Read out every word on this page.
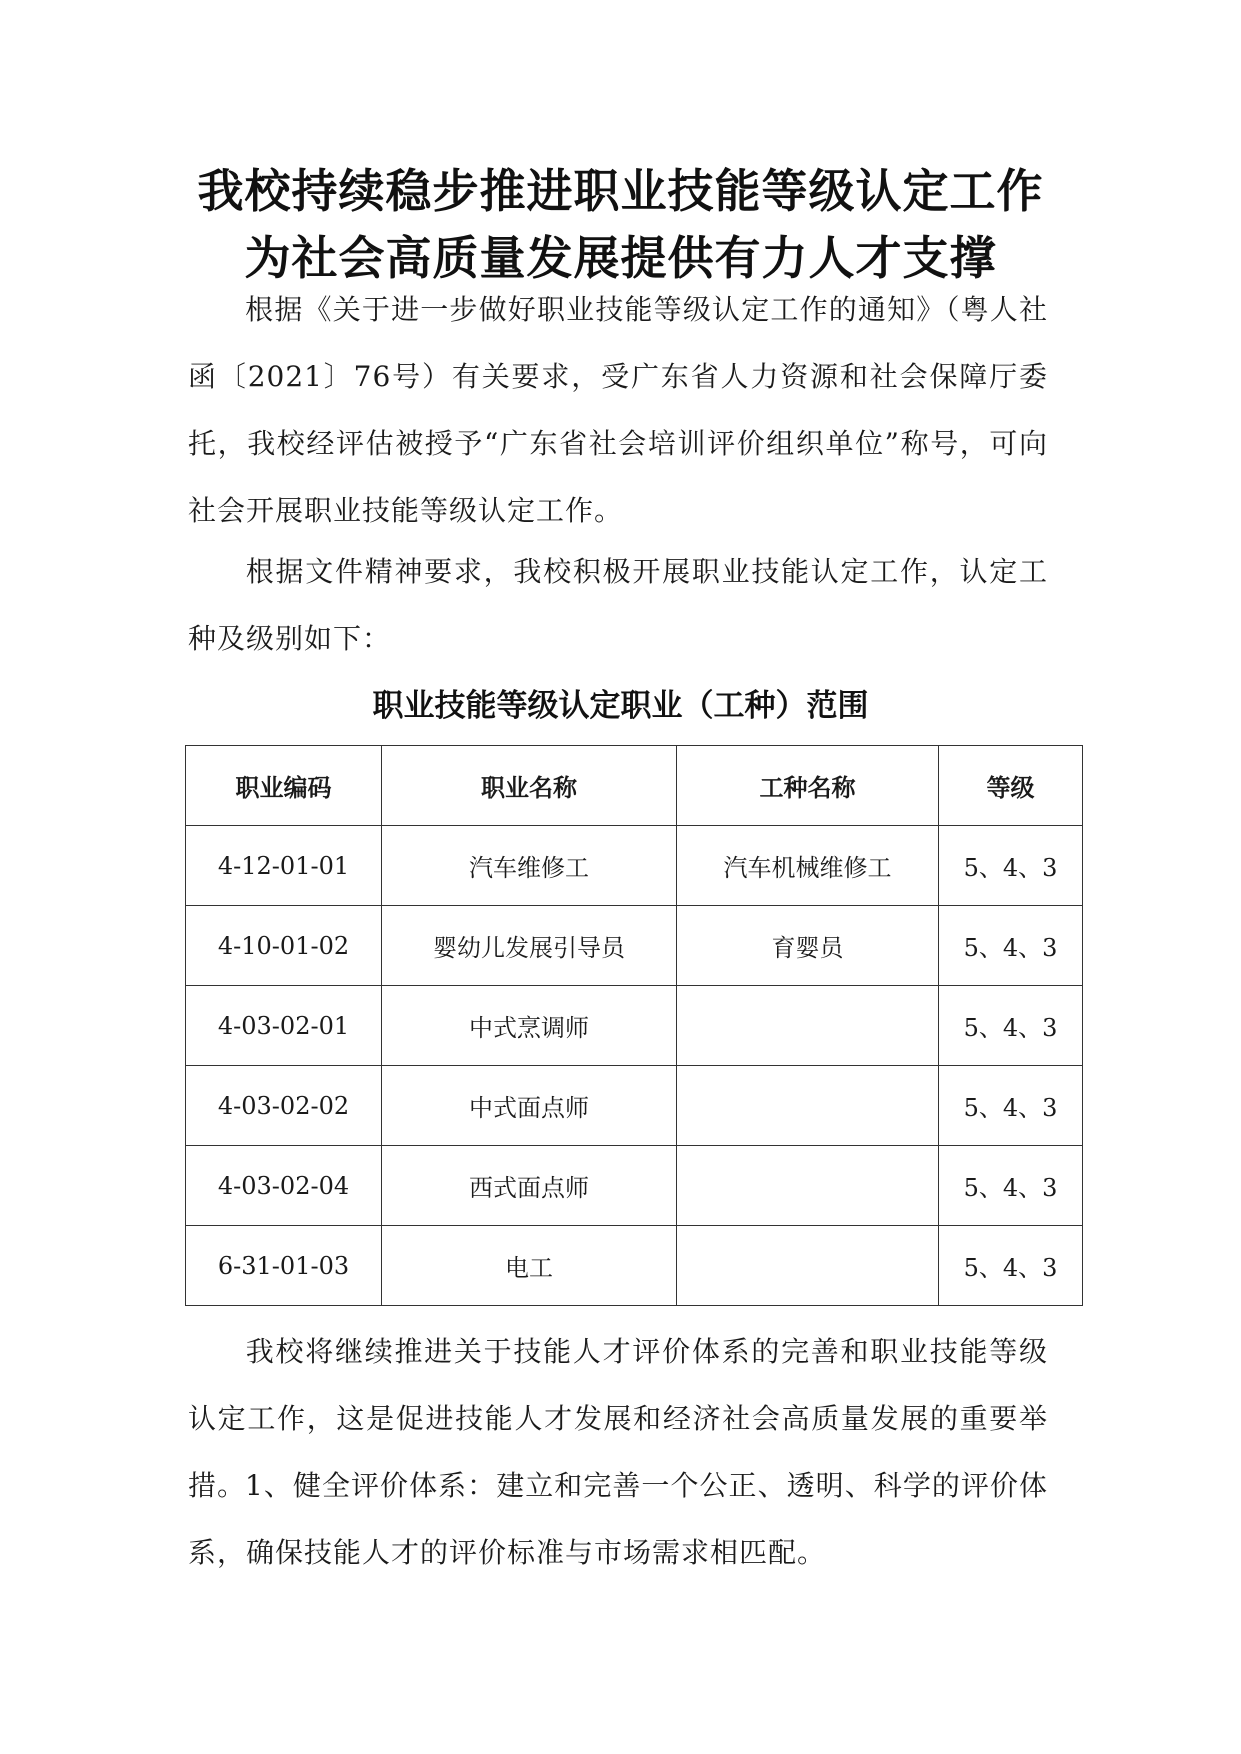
我校持续稳步推进职业技能等级认定工作
为社会高质量发展提供有力人才支撑

根据《关于进一步做好职业技能等级认定工作的通知》（粤人社函〔2021〕76号）有关要求，受广东省人力资源和社会保障厅委托，我校经评估被授予“广东省社会培训评价组织单位”称号，可向社会开展职业技能等级认定工作。

根据文件精神要求，我校积极开展职业技能认定工作，认定工种及级别如下：

职业技能等级认定职业（工种）范围
职业编码	职业名称	工种名称	等级
4-12-01-01	汽车维修工	汽车机械维修工	5、4、3
4-10-01-02	婴幼儿发展引导员	育婴员	5、4、3
4-03-02-01	中式烹调师		5、4、3
4-03-02-02	中式面点师		5、4、3
4-03-02-04	西式面点师		5、4、3
6-31-01-03	电工		5、4、3

我校将继续推进关于技能人才评价体系的完善和职业技能等级认定工作，这是促进技能人才发展和经济社会高质量发展的重要举措。

1、健全评价体系：建立和完善一个公正、透明、科学的评价体系，确保技能人才的评价标准与市场需求相匹配。
